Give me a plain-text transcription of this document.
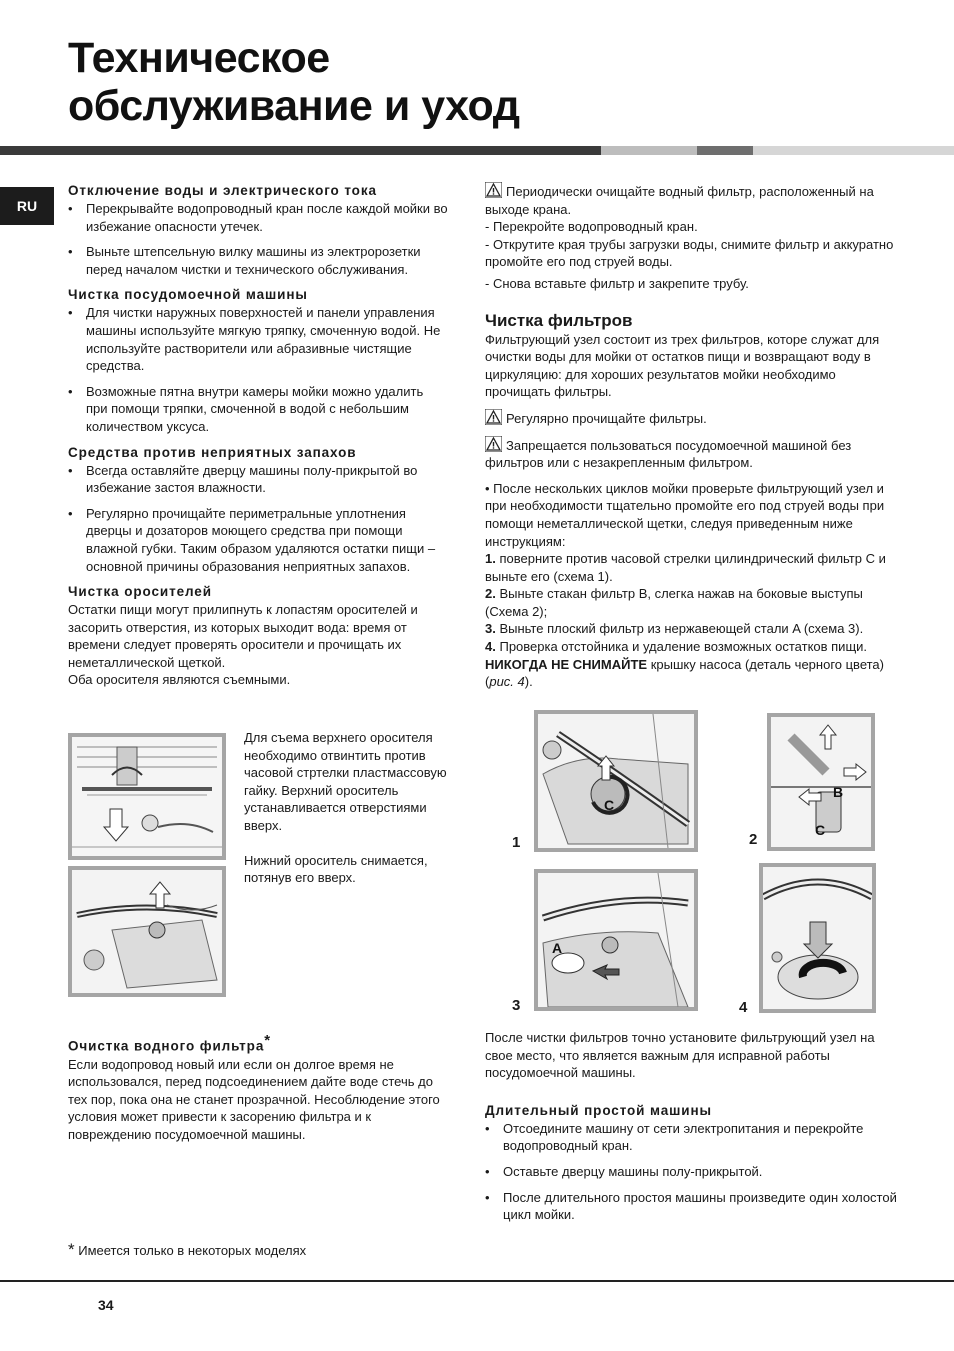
Техническое
обслуживание и уход
RU
Отключение воды и электрического тока
• Перекрывайте водопроводный кран после каждой мойки во избежание опасности утечек.
• Выньте штепсельную вилку машины из электророзетки перед началом чистки и технического обслуживания.
Чистка посудомоечной машины
• Для чистки наружных поверхностей и панели управления машины используйте мягкую тряпку, смоченную водой. Не используйте растворители или абразивные чистящие средства.
• Возможные пятна внутри камеры мойки можно удалить при помощи тряпки, смоченной в водой с небольшим количеством уксуса.
Средства против неприятных запахов
• Всегда оставляйте дверцу машины полу-прикрытой во избежание застоя влажности.
• Регулярно прочищайте периметральные уплотнения дверцы и дозаторов моющего средства при помощи влажной губки. Таким образом удаляются остатки пищи – основной причины образования неприятных запахов.
Чистка оросителей

Остатки пищи могут прилипнуть к лопастям оросителей и засорить отверстия, из которых выходит вода: время от времени следует проверять оросители и прочищать их неметаллической щеткой.

Оба оросителя являются съемными.

Для съема верхнего оросителя необходимо отвинтить против часовой стртелки пластмассовую гайку. Верхний ороситель устанавливается отверстиями вверх.

Нижний ороситель снимается, потянув его вверх.

Очистка водного фильтра*

Если водопровод новый или если он долгое время не использовался, перед подсоединением дайте воде стечь до тех пор, пока она не станет прозрачной. Несоблюдение этого условия может привести к засорению фильтра и к повреждению посудомоечной машины.

* Имеется только в некоторых моделях

Периодически очищайте водный фильтр, расположенный на выходе крана.

- Перекройте водопроводный кран.

- Открутите края трубы загрузки воды, снимите фильтр и аккуратно промойте его под струей воды.

- Снова вставьте фильтр и закрепите трубу.

Чистка фильтров

Фильтрующий узел состоит из трех фильтров, которе служат для очистки воды для мойки от остатков пищи и возвращают воду в циркуляцию: для хороших результатов мойки необходимо прочищать фильтры.

Регулярно прочищайте фильтры.

Запрещается пользоваться посудомоечной машиной без фильтров или с незакрепленным фильтром.

• После нескольких циклов мойки проверьте фильтрующий узел и при необходимости тщательно промойте его под струей воды при помощи неметаллической щетки, следуя приведенным ниже инструкциям:

1. поверните против часовой стрелки цилиндрический фильтр C и выньте его (схема 1).

2. Выньте стакан фильтр B, слегка нажав на боковые выступы (Схема 2);

3. Выньте плоский фильтр из нержавеющей стали A (схема 3).

4. Проверка отстойника и удаление возможных остатков пищи.

НИКОГДА НЕ СНИМАЙТЕ крышку насоса (деталь черного цвета) (рис. 4).

C
1
B
C
2
A
3	4

После чистки фильтров точно установите фильтрующий узел на свое место, что является важным для исправной работы посудомоечной машины.

Длительный простой машины
• Отсоедините машину от сети электропитания и перекройте водопроводный кран.
• Оставьте дверцу машины полу-прикрытой.
• После длительного простоя машины произведите один холостой цикл мойки.
34
